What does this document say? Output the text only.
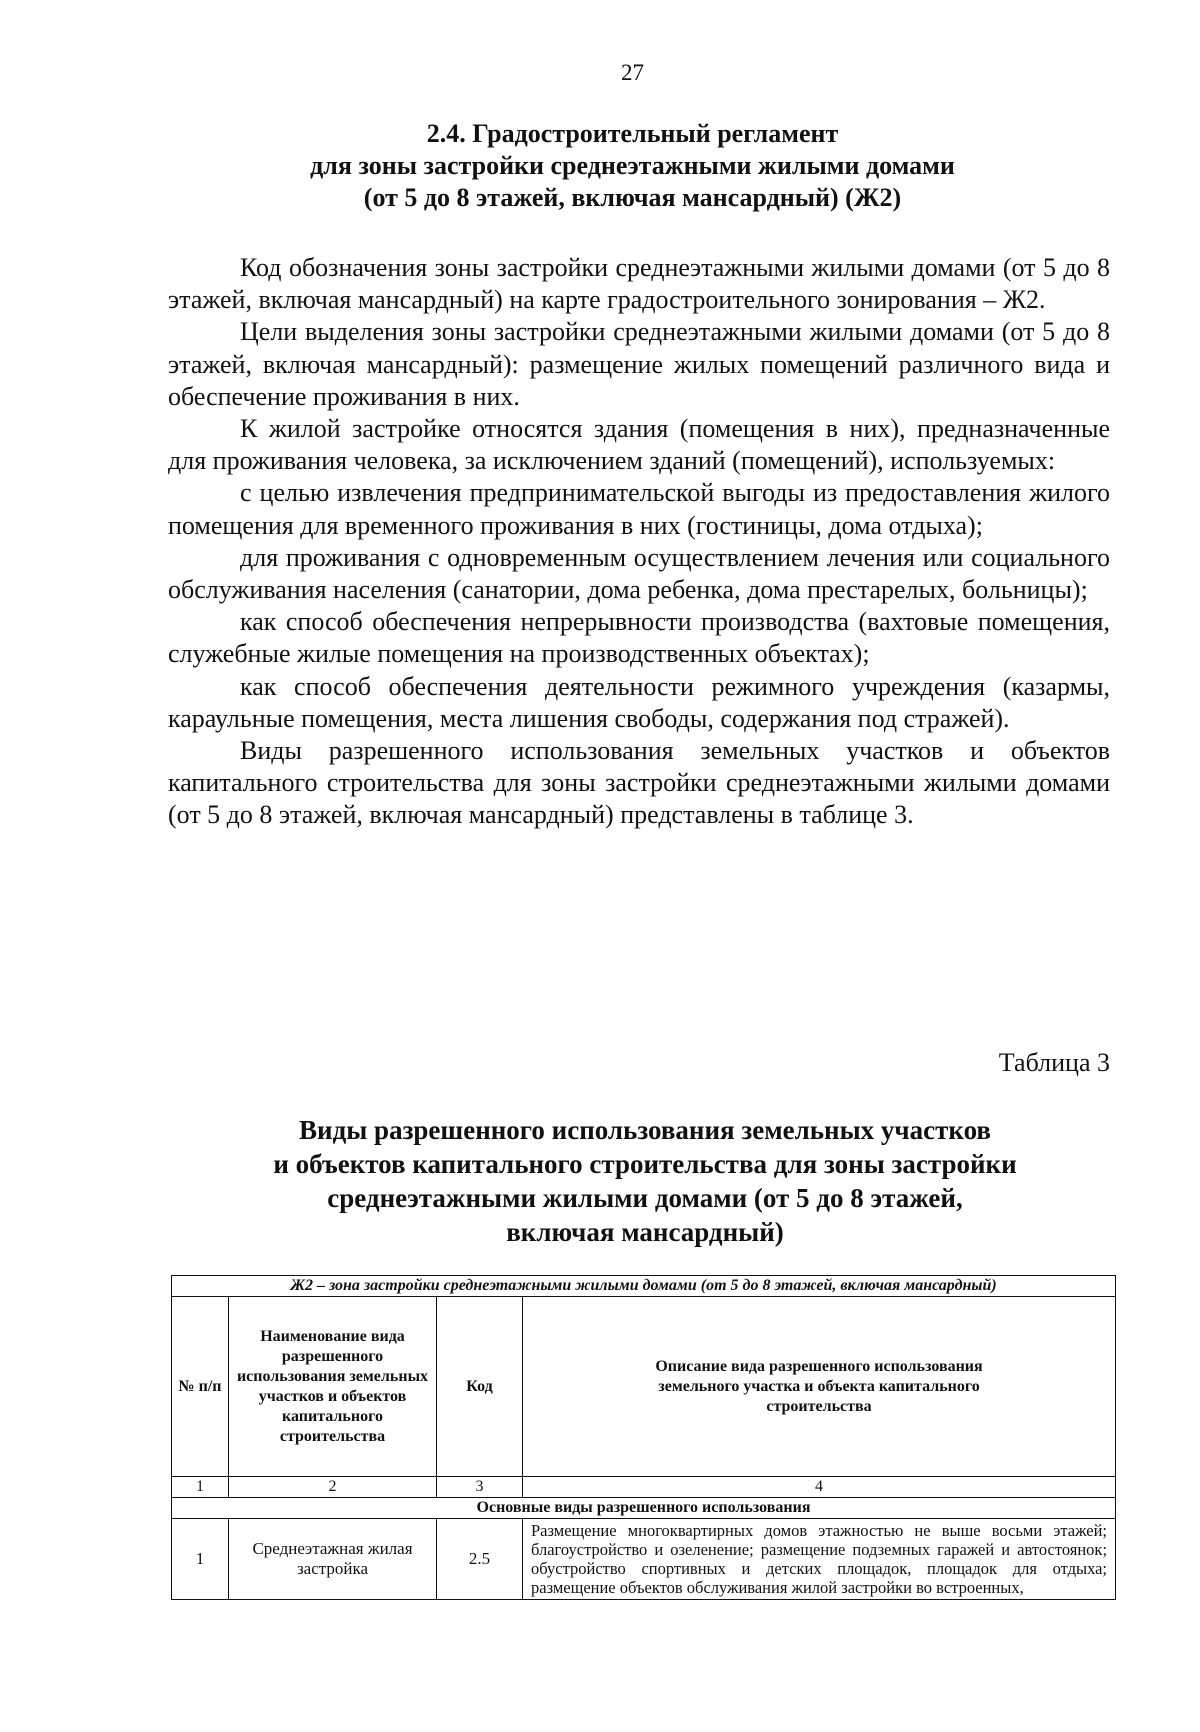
27
2.4. Градостроительный регламент
для зоны застройки среднеэтажными жилыми домами
(от 5 до 8 этажей, включая мансардный) (Ж2)

Код обозначения зоны застройки среднеэтажными жилыми домами (от 5 до 8 этажей, включая мансардный) на карте градостроительного зонирования – Ж2.

Цели выделения зоны застройки среднеэтажными жилыми домами (от 5 до 8 этажей, включая мансардный): размещение жилых помещений различного вида и обеспечение проживания в них.

К жилой застройке относятся здания (помещения в них), предназначенные для проживания человека, за исключением зданий (помещений), используемых:

с целью извлечения предпринимательской выгоды из предоставления жилого помещения для временного проживания в них (гостиницы, дома отдыха);

для проживания с одновременным осуществлением лечения или социального обслуживания населения (санатории, дома ребенка, дома престарелых, больницы);

как способ обеспечения непрерывности производства (вахтовые помещения, служебные жилые помещения на производственных объектах);

как способ обеспечения деятельности режимного учреждения (казармы, караульные помещения, места лишения свободы, содержания под стражей).

Виды разрешенного использования земельных участков и объектов капитального строительства для зоны застройки среднеэтажными жилыми домами (от 5 до 8 этажей, включая мансардный) представлены в таблице 3.

Таблица 3
Виды разрешенного использования земельных участков
и объектов капитального строительства для зоны застройки
среднеэтажными жилыми домами (от 5 до 8 этажей,
включая мансардный)
Ж2 – зона застройки среднеэтажными жилыми домами (от 5 до 8 этажей, включая мансардный)			
№ п/п	Наименование вида разрешенного использования земельных участков и объектов капитального строительства	Код	Описание вида разрешенного использования земельного участка и объекта капитального строительства
1	2	3	4
Основные виды разрешенного использования			
1	Среднеэтажная жилая застройка	2.5	Размещение многоквартирных домов этажностью не выше восьми этажей; благоустройство и озеленение; размещение подземных гаражей и автостоянок; обустройство спортивных и детских площадок, площадок для отдыха; размещение объектов обслуживания жилой застройки во встроенных,
